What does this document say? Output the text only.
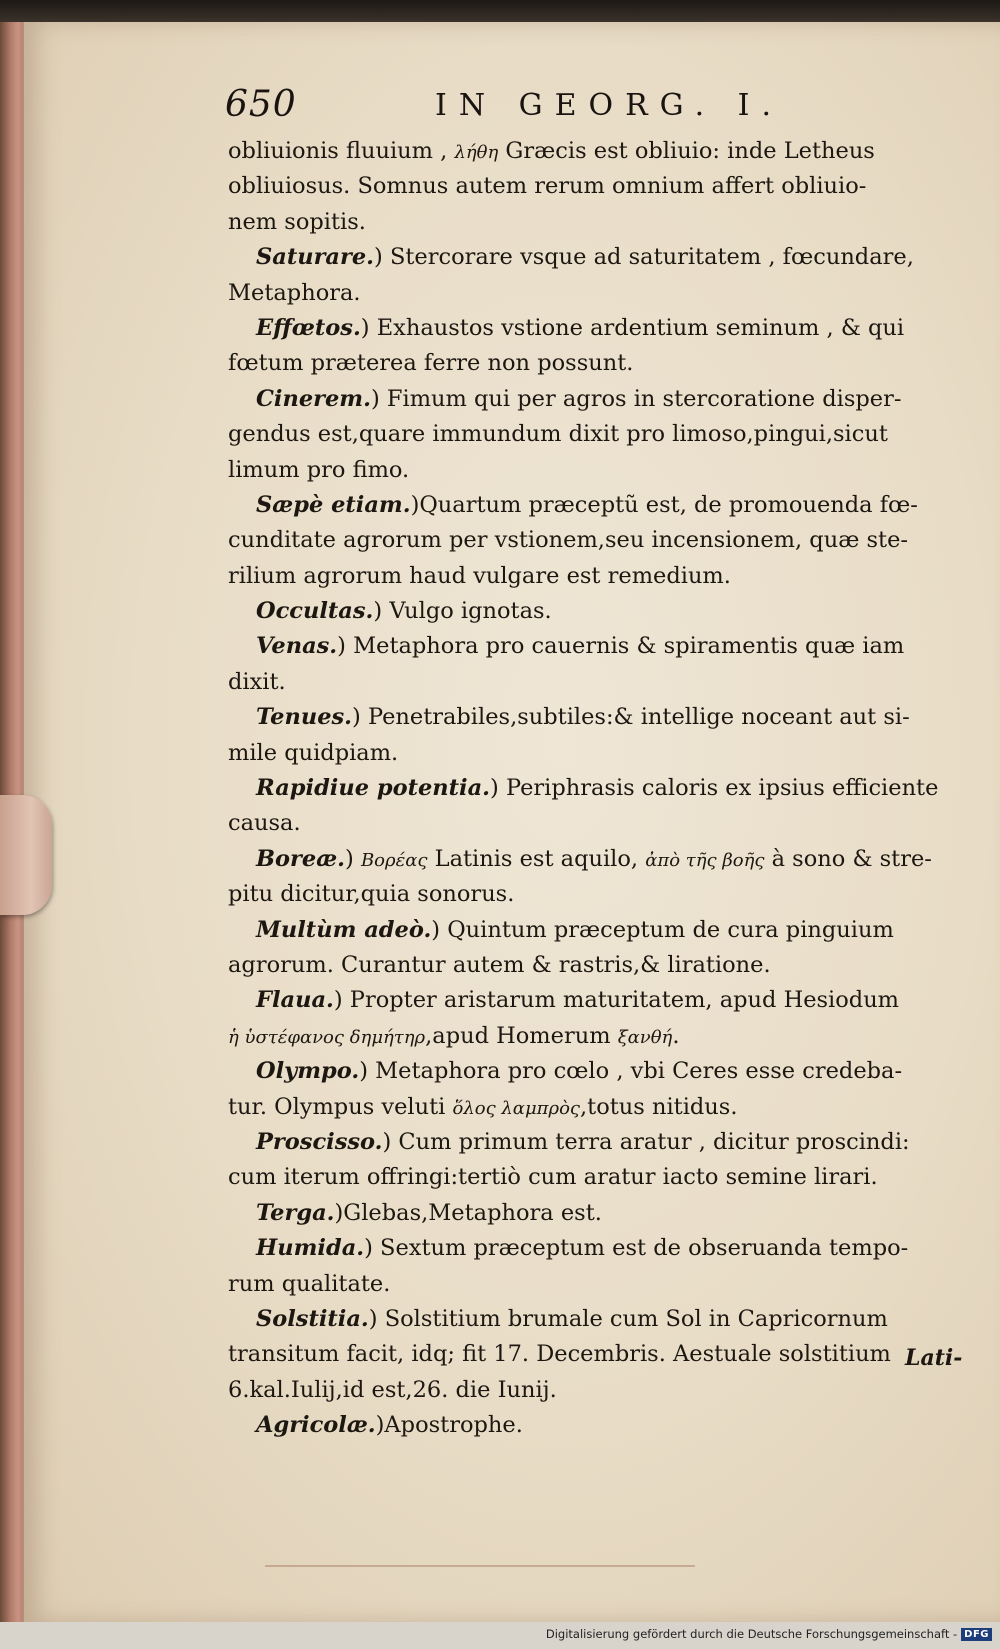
650	IN GEORG. I.
obliuionis fluuium , λήθη Græcis est obliuio: inde Letheus
obliuiosus. Somnus autem rerum omnium affert obliuio-
nem sopitis.
Saturare.) Stercorare vsque ad saturitatem , fœcundare,
Metaphora.
Effœtos.) Exhaustos vstione ardentium seminum , & qui
fœtum præterea ferre non possunt.
Cinerem.) Fimum qui per agros in stercoratione disper-
gendus est,quare immundum dixit pro limoso,pingui,sicut
limum pro fimo.
Sæpè etiam.)Quartum præceptũ est, de promouenda fœ-
cunditate agrorum per vstionem,seu incensionem, quæ ste-
rilium agrorum haud vulgare est remedium.
Occultas.) Vulgo ignotas.
Venas.) Metaphora pro cauernis & spiramentis quæ iam
dixit.
Tenues.) Penetrabiles,subtiles:& intellige noceant aut si-
mile quidpiam.
Rapidiue potentia.) Periphrasis caloris ex ipsius efficiente
causa.
Boreæ.) Βορέας Latinis est aquilo, ἀπὸ τῆς βοῆς à sono & stre-
pitu dicitur,quia sonorus.
Multùm adeò.) Quintum præceptum de cura pinguium
agrorum. Curantur autem & rastris,& liratione.
Flaua.) Propter aristarum maturitatem, apud Hesiodum
ἡ ὑστέφανος δημήτηρ,apud Homerum ξανθή.
Olympo.) Metaphora pro cœlo , vbi Ceres esse credeba-
tur. Olympus veluti ὅλος λαμπρὸς,totus nitidus.
Proscisso.) Cum primum terra aratur , dicitur proscindi:
cum iterum offringi:tertiò cum aratur iacto semine lirari.
Terga.)Glebas,Metaphora est.
Humida.) Sextum præceptum est de obseruanda tempo-
rum qualitate.
Solstitia.) Solstitium brumale cum Sol in Capricornum
transitum facit, idq; fit 17. Decembris. Aestuale solstitium
6.kal.Iulij,id est,26. die Iunij.
Agricolæ.)Apostrophe.
Lati-
Digitalisierung gefördert durch die Deutsche Forschungsgemeinschaft - DFG
